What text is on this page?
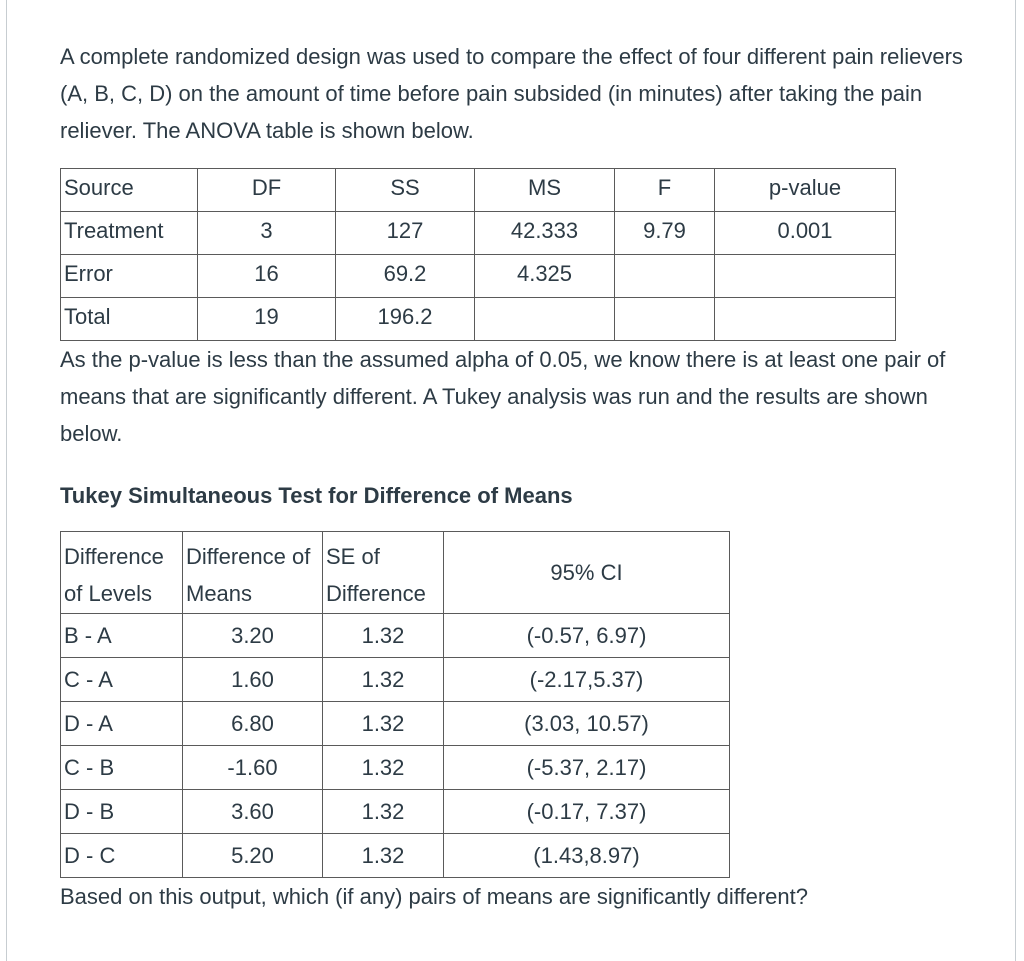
A complete randomized design was used to compare the effect of four different pain relievers (A, B, C, D) on the amount of time before pain subsided (in minutes) after taking the pain reliever. The ANOVA table is shown below.

Source	DF	SS	MS	F	p-value
Treatment	3	127	42.333	9.79	0.001
Error	16	69.2	4.325		
Total	19	196.2			

As the p-value is less than the assumed alpha of 0.05, we know there is at least one pair of means that are significantly different. A Tukey analysis was run and the results are shown below.

Tukey Simultaneous Test for Difference of Means
Difference of Levels	Difference of Means	SE of Difference	95% CI
B - A	3.20	1.32	(-0.57, 6.97)
C - A	1.60	1.32	(-2.17,5.37)
D - A	6.80	1.32	(3.03, 10.57)
C - B	-1.60	1.32	(-5.37, 2.17)
D - B	3.60	1.32	(-0.17, 7.37)
D - C	5.20	1.32	(1.43,8.97)

Based on this output, which (if any) pairs of means are significantly different?
